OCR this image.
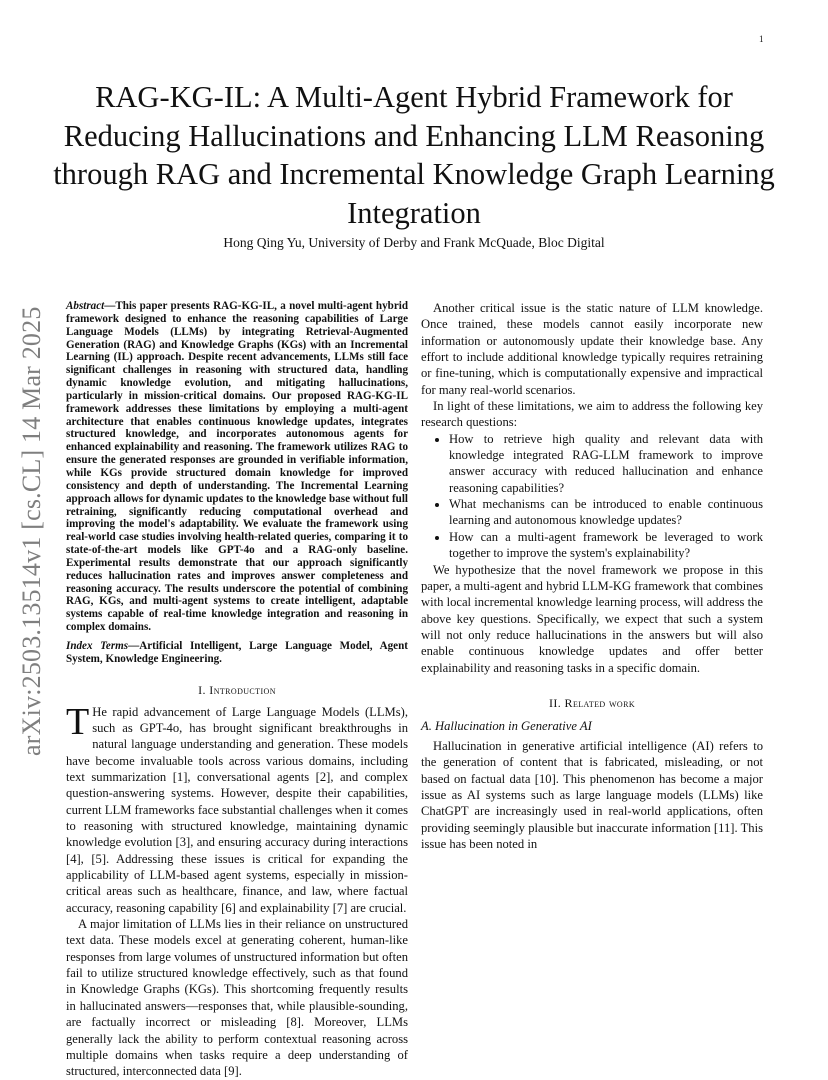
1
arXiv:2503.13514v1 [cs.CL] 14 Mar 2025
RAG-KG-IL: A Multi-Agent Hybrid Framework for Reducing Hallucinations and Enhancing LLM Reasoning through RAG and Incremental Knowledge Graph Learning Integration
Hong Qing Yu, University of Derby and Frank McQuade, Bloc Digital

Abstract—This paper presents RAG-KG-IL, a novel multi-agent hybrid framework designed to enhance the reasoning capabilities of Large Language Models (LLMs) by integrating Retrieval-Augmented Generation (RAG) and Knowledge Graphs (KGs) with an Incremental Learning (IL) approach. Despite recent advancements, LLMs still face significant challenges in reasoning with structured data, handling dynamic knowledge evolution, and mitigating hallucinations, particularly in mission-critical domains. Our proposed RAG-KG-IL framework addresses these limitations by employing a multi-agent architecture that enables continuous knowledge updates, integrates structured knowledge, and incorporates autonomous agents for enhanced explainability and reasoning. The framework utilizes RAG to ensure the generated responses are grounded in verifiable information, while KGs provide structured domain knowledge for improved consistency and depth of understanding. The Incremental Learning approach allows for dynamic updates to the knowledge base without full retraining, significantly reducing computational overhead and improving the model's adaptability. We evaluate the framework using real-world case studies involving health-related queries, comparing it to state-of-the-art models like GPT-4o and a RAG-only baseline. Experimental results demonstrate that our approach significantly reduces hallucination rates and improves answer completeness and reasoning accuracy. The results underscore the potential of combining RAG, KGs, and multi-agent systems to create intelligent, adaptable systems capable of real-time knowledge integration and reasoning in complex domains.

Index Terms—Artificial Intelligent, Large Language Model, Agent System, Knowledge Engineering.

I. Introduction

T He rapid advancement of Large Language Models (LLMs), such as GPT-4o, has brought significant breakthroughs in natural language understanding and generation. These models have become invaluable tools across various domains, including text summarization [1], conversational agents [2], and complex question-answering systems. However, despite their capabilities, current LLM frameworks face substantial challenges when it comes to reasoning with structured knowledge, maintaining dynamic knowledge evolution [3], and ensuring accuracy during interactions [4], [5]. Addressing these issues is critical for expanding the applicability of LLM-based agent systems, especially in mission-critical areas such as healthcare, finance, and law, where factual accuracy, reasoning capability [6] and explainability [7] are crucial.

A major limitation of LLMs lies in their reliance on unstructured text data. These models excel at generating coherent, human-like responses from large volumes of unstructured information but often fail to utilize structured knowledge effectively, such as that found in Knowledge Graphs (KGs). This shortcoming frequently results in hallucinated answers—responses that, while plausible-sounding, are factually incorrect or misleading [8]. Moreover, LLMs generally lack the ability to perform contextual reasoning across multiple domains when tasks require a deep understanding of structured, interconnected data [9].

Another critical issue is the static nature of LLM knowledge. Once trained, these models cannot easily incorporate new information or autonomously update their knowledge base. Any effort to include additional knowledge typically requires retraining or fine-tuning, which is computationally expensive and impractical for many real-world scenarios.

In light of these limitations, we aim to address the following key research questions:

• How to retrieve high quality and relevant data with knowledge integrated RAG-LLM framework to improve answer accuracy with reduced hallucination and enhance reasoning capabilities?
• What mechanisms can be introduced to enable continuous learning and autonomous knowledge updates?
• How can a multi-agent framework be leveraged to work together to improve the system's explainability?

We hypothesize that the novel framework we propose in this paper, a multi-agent and hybrid LLM-KG framework that combines with local incremental knowledge learning process, will address the above key questions. Specifically, we expect that such a system will not only reduce hallucinations in the answers but will also enable continuous knowledge updates and offer better explainability and reasoning tasks in a specific domain.

II. Related work
A. Hallucination in Generative AI

Hallucination in generative artificial intelligence (AI) refers to the generation of content that is fabricated, misleading, or not based on factual data [10]. This phenomenon has become a major issue as AI systems such as large language models (LLMs) like ChatGPT are increasingly used in real-world applications, often providing seemingly plausible but inaccurate information [11]. This issue has been noted in
